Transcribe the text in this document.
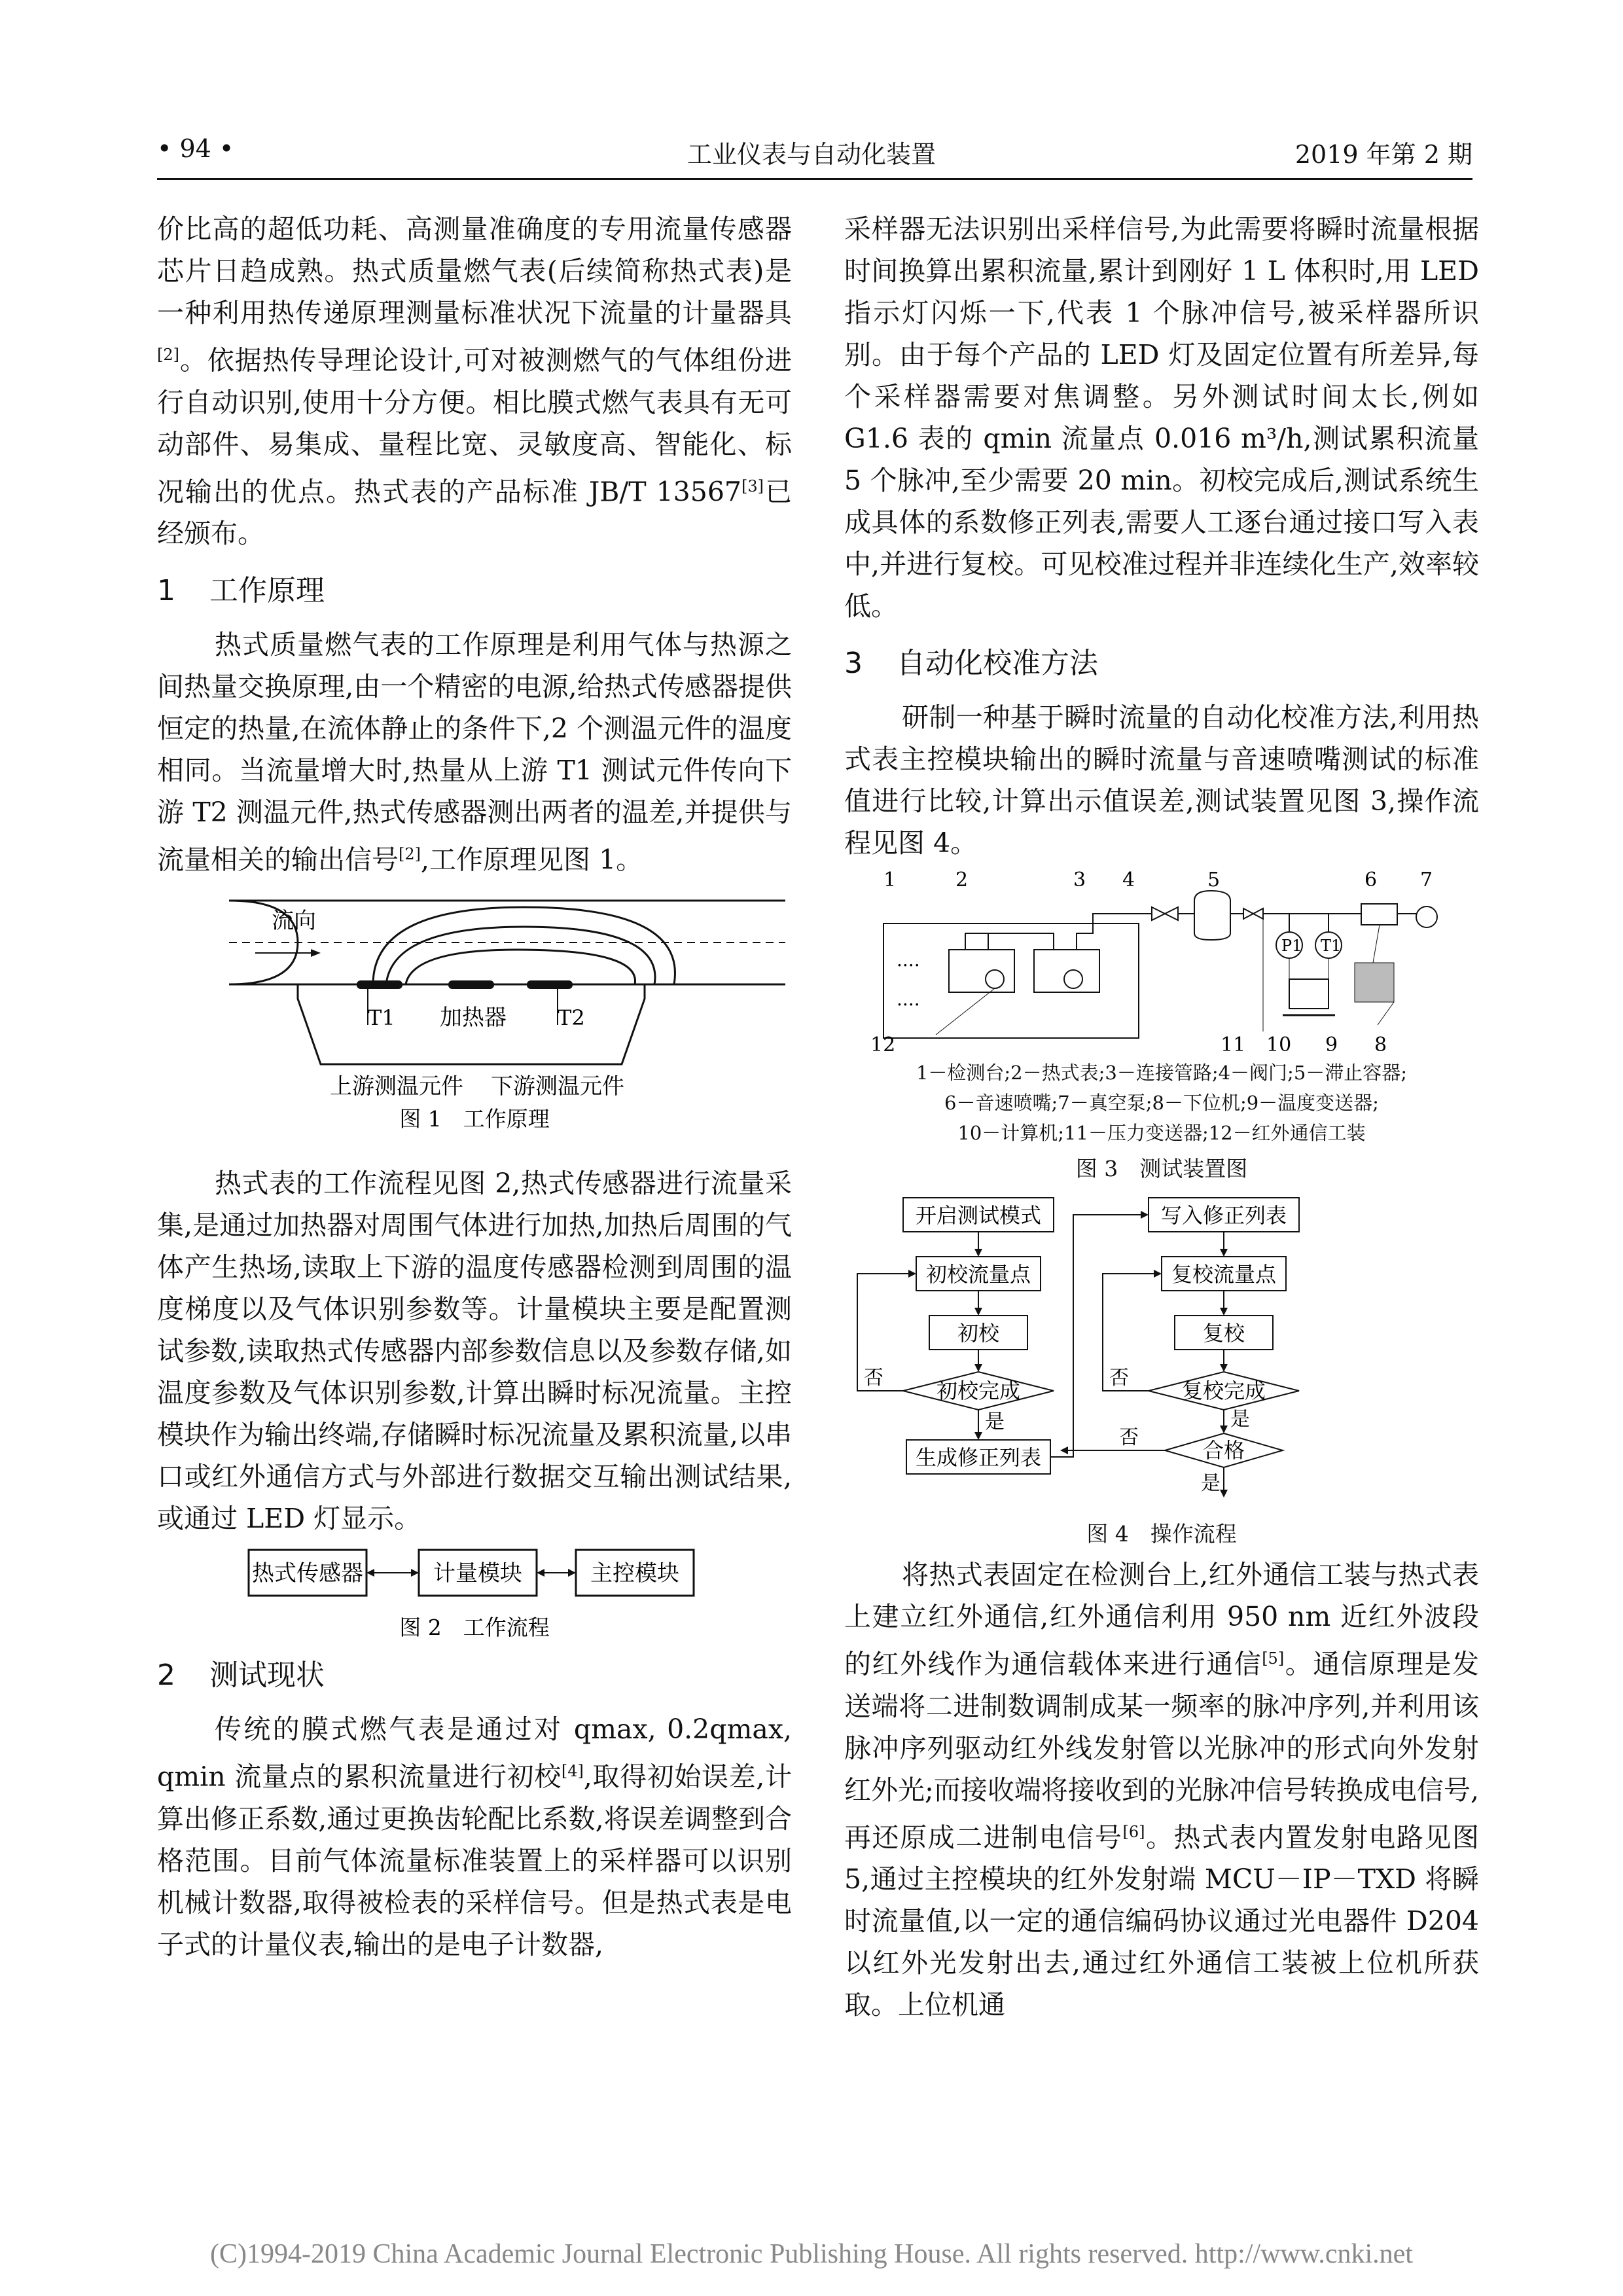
• 94 •	工业仪表与自动化装置	2019 年第 2 期

价比高的超低功耗、高测量准确度的专用流量传感器芯片日趋成熟。热式质量燃气表(后续简称热式表)是一种利用热传递原理测量标准状况下流量的计量器具[2]。依据热传导理论设计,可对被测燃气的气体组份进行自动识别,使用十分方便。相比膜式燃气表具有无可动部件、易集成、量程比宽、灵敏度高、智能化、标况输出的优点。热式表的产品标准 JB/T 13567[3]已经颁布。

1 工作原理

热式质量燃气表的工作原理是利用气体与热源之间热量交换原理,由一个精密的电源,给热式传感器提供恒定的热量,在流体静止的条件下,2 个测温元件的温度相同。当流量增大时,热量从上游 T1 测试元件传向下游 T2 测温元件,热式传感器测出两者的温差,并提供与流量相关的输出信号[2],工作原理见图 1。

流向
T1 加热器 T2
上游测温元件 下游测温元件
图 1　工作原理

热式表的工作流程见图 2,热式传感器进行流量采集,是通过加热器对周围气体进行加热,加热后周围的气体产生热场,读取上下游的温度传感器检测到周围的温度梯度以及气体识别参数等。计量模块主要是配置测试参数,读取热式传感器内部参数信息以及参数存储,如温度参数及气体识别参数,计算出瞬时标况流量。主控模块作为输出终端,存储瞬时标况流量及累积流量,以串口或红外通信方式与外部进行数据交互输出测试结果,或通过 LED 灯显示。

热式传感器	计量模块	主控模块
图 2　工作流程

2 测试现状

传统的膜式燃气表是通过对 qmax, 0.2qmax, qmin 流量点的累积流量进行初校[4],取得初始误差,计算出修正系数,通过更换齿轮配比系数,将误差调整到合格范围。目前气体流量标准装置上的采样器可以识别机械计数器,取得被检表的采样信号。但是热式表是电子式的计量仪表,输出的是电子计数器,

采样器无法识别出采样信号,为此需要将瞬时流量根据时间换算出累积流量,累计到刚好 1 L 体积时,用 LED 指示灯闪烁一下,代表 1 个脉冲信号,被采样器所识别。由于每个产品的 LED 灯及固定位置有所差异,每个采样器需要对焦调整。另外测试时间太长,例如 G1.6 表的 qmin 流量点 0.016 m³/h,测试累积流量 5 个脉冲,至少需要 20 min。初校完成后,测试系统生成具体的系数修正列表,需要人工逐台通过接口写入表中,并进行复校。可见校准过程并非连续化生产,效率较低。

3 自动化校准方法

研制一种基于瞬时流量的自动化校准方法,利用热式表主控模块输出的瞬时流量与音速喷嘴测试的标准值进行比较,计算出示值误差,测试装置见图 3,操作流程见图 4。

1	2	3 4	5	6 7
....
....
P1 T1
12	11 10 9 8

1－检测台;2－热式表;3－连接管路;4－阀门;5－滞止容器;

6－音速喷嘴;7－真空泵;8－下位机;9－温度变送器;

10－计算机;11－压力变送器;12－红外通信工装

图 3　测试装置图

开启测试模式
初校流量点
初校
初校完成
否
是
生成修正列表
写入修正列表
复校流量点
复校
复校完成
否
是
合格
否
是

图 4　操作流程

将热式表固定在检测台上,红外通信工装与热式表上建立红外通信,红外通信利用 950 nm 近红外波段的红外线作为通信载体来进行通信[5]。通信原理是发送端将二进制数调制成某一频率的脉冲序列,并利用该脉冲序列驱动红外线发射管以光脉冲的形式向外发射红外光;而接收端将接收到的光脉冲信号转换成电信号,再还原成二进制电信号[6]。热式表内置发射电路见图 5,通过主控模块的红外发射端 MCU－IP－TXD 将瞬时流量值,以一定的通信编码协议通过光电器件 D204 以红外光发射出去,通过红外通信工装被上位机所获取。上位机通

(C)1994-2019 China Academic Journal Electronic Publishing House. All rights reserved. http://www.cnki.net
